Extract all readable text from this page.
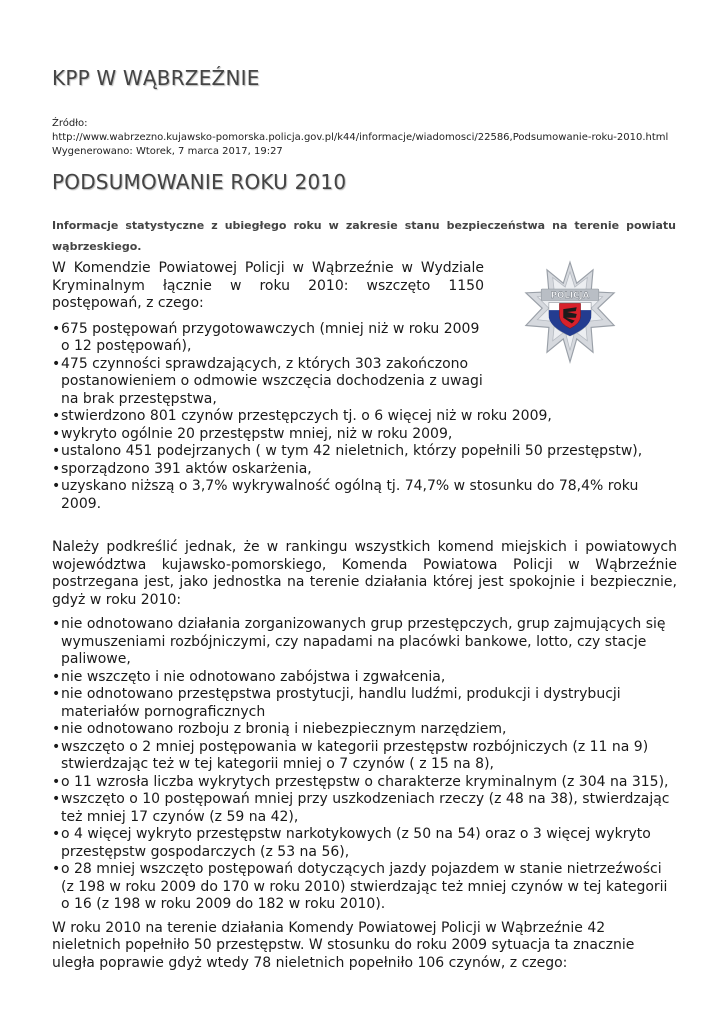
KPP W WĄBRZEŹNIE
Źródło:
http://www.wabrzezno.kujawsko-pomorska.policja.gov.pl/k44/informacje/wiadomosci/22586,Podsumowanie-roku-2010.html
Wygenerowano: Wtorek, 7 marca 2017, 19:27
PODSUMOWANIE ROKU 2010
Informacje statystyczne z ubiegłego roku w zakresie stanu bezpieczeństwa na terenie powiatu wąbrzeskiego.

W Komendzie Powiatowej Policji w Wąbrzeźnie w Wydziale Kryminalnym łącznie w roku 2010: wszczęto 1150 postępowań, z czego:

• 675 postępowań przygotowawczych (mniej niż w roku 2009 o 12 postępowań),
• 475 czynności sprawdzających, z których 303 zakończono postanowieniem o odmowie wszczęcia dochodzenia z uwagi na brak przestępstwa,
• stwierdzono 801 czynów przestępczych tj. o 6 więcej niż w roku 2009,
• wykryto ogólnie 20 przestępstw mniej, niż w roku 2009,
• ustalono 451 podejrzanych ( w tym 42 nieletnich, którzy popełnili 50 przestępstw),
• sporządzono 391 aktów oskarżenia,
• uzyskano niższą o 3,7% wykrywalność ogólną tj. 74,7% w stosunku do 78,4% roku 2009.

Należy podkreślić jednak, że w rankingu wszystkich komend miejskich i powiatowych województwa kujawsko-pomorskiego, Komenda Powiatowa Policji w Wąbrzeźnie postrzegana jest, jako jednostka na terenie działania której jest spokojnie i bezpiecznie, gdyż w roku 2010:

• nie odnotowano działania zorganizowanych grup przestępczych, grup zajmujących się wymuszeniami rozbójniczymi, czy napadami na placówki bankowe, lotto, czy stacje paliwowe,
• nie wszczęto i nie odnotowano zabójstwa i zgwałcenia,
• nie odnotowano przestępstwa prostytucji, handlu ludźmi, produkcji i dystrybucji materiałów pornograficznych
• nie odnotowano rozboju z bronią i niebezpiecznym narzędziem,
• wszczęto o 2 mniej postępowania w kategorii przestępstw rozbójniczych (z 11 na 9) stwierdzając też w tej kategorii mniej o 7 czynów ( z 15 na 8),
• o 11 wzrosła liczba wykrytych przestępstw o charakterze kryminalnym (z 304 na 315),
• wszczęto o 10 postępowań mniej przy uszkodzeniach rzeczy (z 48 na 38), stwierdzając też mniej 17 czynów (z 59 na 42),
• o 4 więcej wykryto przestępstw narkotykowych (z 50 na 54) oraz o 3 więcej wykryto przestępstw gospodarczych (z 53 na 56),
• o 28 mniej wszczęto postępowań dotyczących jazdy pojazdem w stanie nietrzeźwości (z 198 w roku 2009 do 170 w roku 2010) stwierdzając też mniej czynów w tej kategorii o 16 (z 198 w roku 2009 do 182 w roku 2010).

W roku 2010 na terenie działania Komendy Powiatowej Policji w Wąbrzeźnie 42 nieletnich popełniło 50 przestępstw. W stosunku do roku 2009 sytuacja ta znacznie uległa poprawie gdyż wtedy 78 nieletnich popełniło 106 czynów, z czego:

POLICJA
